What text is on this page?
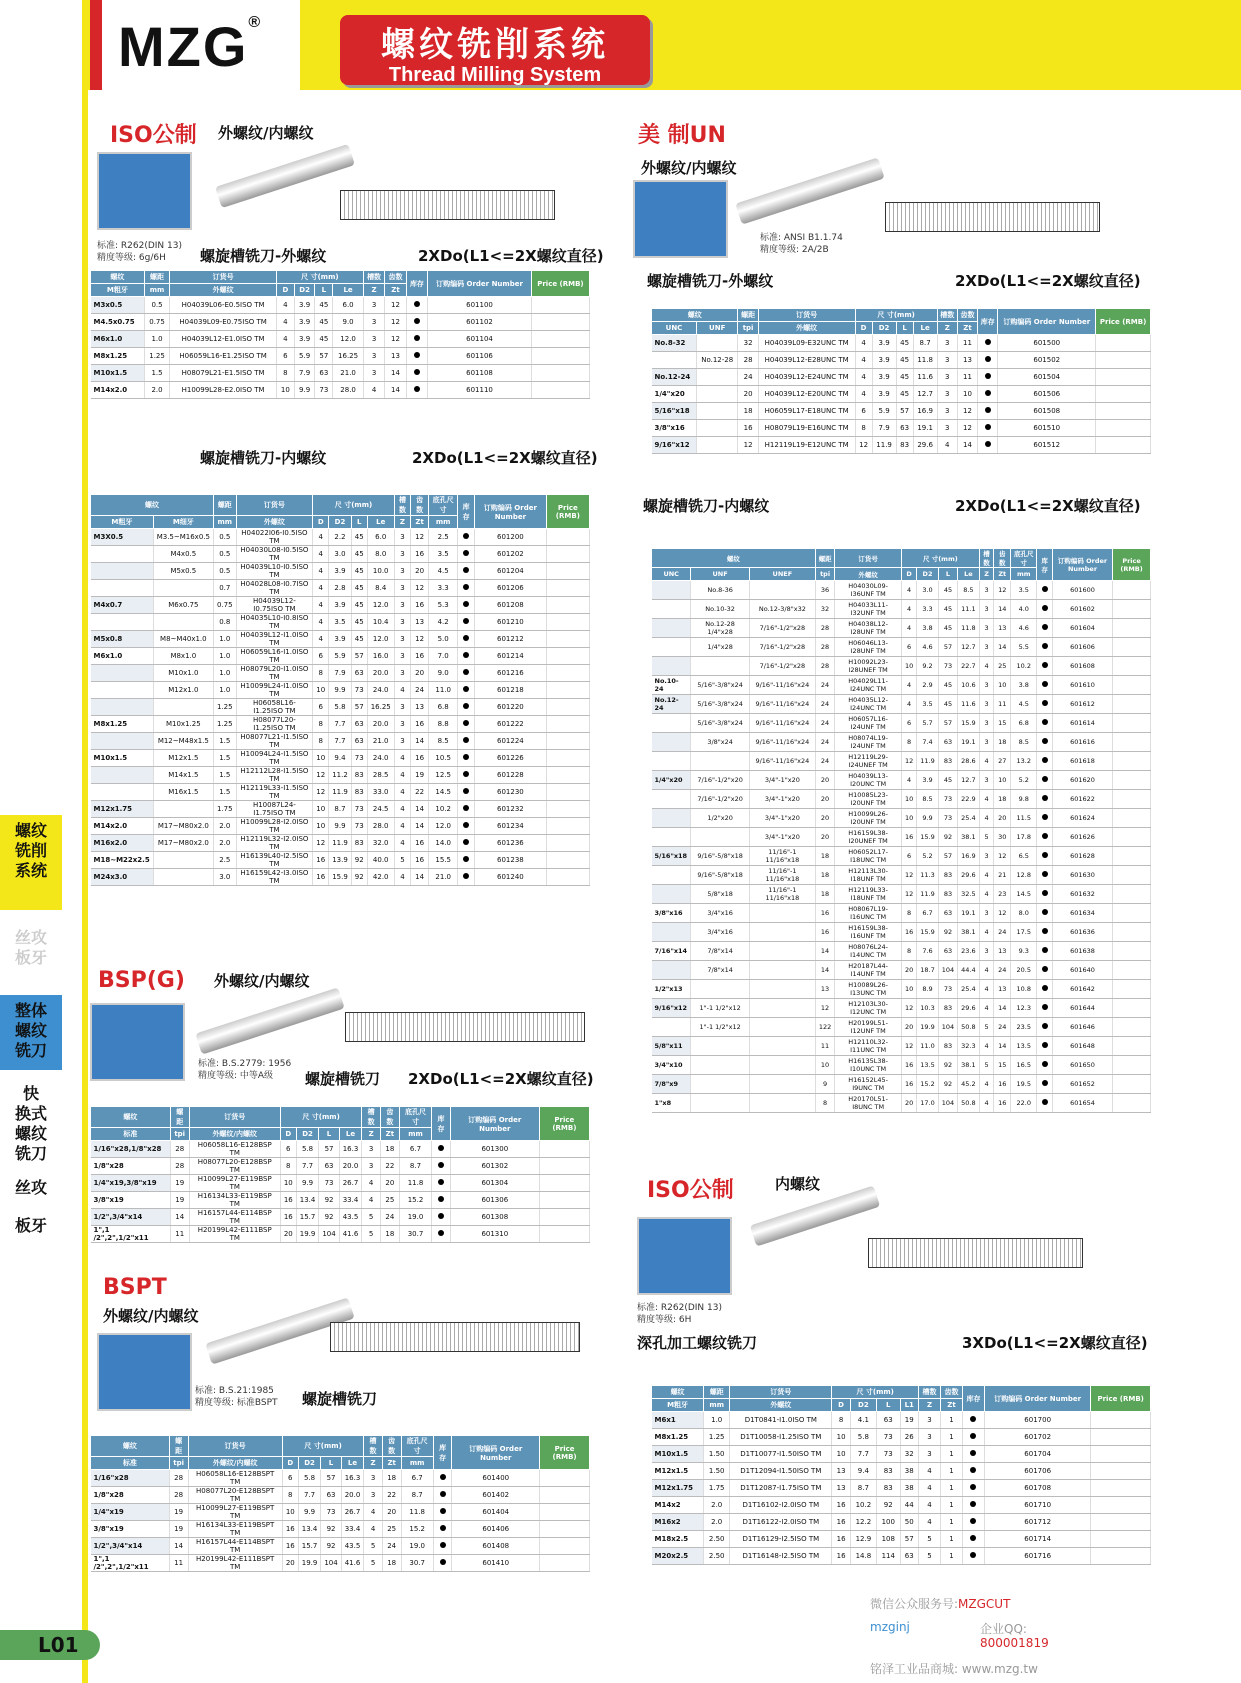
MZG®
螺纹铣削系统
Thread Milling System
螺纹
铣削
系统
丝攻
板牙
整体
螺纹
铣刀
快
换式
螺纹
铣刀
丝攻
板牙
ISO公制 外螺纹/内螺纹
标准: R262(DIN 13)
精度等级: 6g/6H	螺旋槽铣刀-外螺纹	2XDo(L1<=2X螺纹直径)
螺纹	螺距	订货号	尺 寸(mm)				槽数	齿数	库存	订购编码 Order Number	Price (RMB)
M粗牙	mm	外螺纹	D	D2	L	Le	Z	Zt			
M3x0.5	0.5	H04039L06-E0.5ISO TM	4	3.9	45	6.0	3	12		601100	
M4.5x0.75	0.75	H04039L09-E0.75ISO TM	4	3.9	45	9.0	3	12		601102	
M6x1.0	1.0	H04039L12-E1.0ISO TM	4	3.9	45	12.0	3	12		601104	
M8x1.25	1.25	H06059L16-E1.25ISO TM	6	5.9	57	16.25	3	13		601106	
M10x1.5	1.5	H08079L21-E1.5ISO TM	8	7.9	63	21.0	3	14		601108	
M14x2.0	2.0	H10099L28-E2.0ISO TM	10	9.9	73	28.0	4	14		601110	
螺旋槽铣刀-内螺纹	2XDo(L1<=2X螺纹直径)
螺纹		螺距	订货号	尺 寸(mm)				槽数	齿数	底孔尺寸	库存	订购编码 Order Number	Price (RMB)
M粗牙	M细牙	mm	外螺纹	D	D2	L	Le	Z	Zt	mm			
M3X0.5	M3.5~M16x0.5	0.5	H04022I06-I0.5ISO TM	4	2.2	45	6.0	3	12	2.5		601200	
	M4x0.5	0.5	H04030L08-I0.5ISO TM	4	3.0	45	8.0	3	16	3.5		601202	
	M5x0.5	0.5	H04039L10-I0.5ISO TM	4	3.9	45	10.0	3	20	4.5		601204	
		0.7	H04028L08-I0.7ISO TM	4	2.8	45	8.4	3	12	3.3		601206	
M4x0.7	M6x0.75	0.75	H04039L12-I0.75ISO TM	4	3.9	45	12.0	3	16	5.3		601208	
		0.8	H04035L10-I0.8ISO TM	4	3.5	45	10.4	3	13	4.2		601210	
M5x0.8	M8~M40x1.0	1.0	H04039L12-I1.0ISO TM	4	3.9	45	12.0	3	12	5.0		601212	
M6x1.0	M8x1.0	1.0	H06059L16-I1.0ISO TM	6	5.9	57	16.0	3	16	7.0		601214	
	M10x1.0	1.0	H08079L20-I1.0ISO TM	8	7.9	63	20.0	3	20	9.0		601216	
	M12x1.0	1.0	H10099L24-I1.0ISO TM	10	9.9	73	24.0	4	24	11.0		601218	
		1.25	H06058L16-I1.25ISO TM	6	5.8	57	16.25	3	13	6.8		601220	
M8x1.25	M10x1.25	1.25	H08077L20-I1.25ISO TM	8	7.7	63	20.0	3	16	8.8		601222	
	M12~M48x1.5	1.5	H08077L21-I1.5ISO TM	8	7.7	63	21.0	3	14	8.5		601224	
M10x1.5	M12x1.5	1.5	H10094L24-I1.5ISO TM	10	9.4	73	24.0	4	16	10.5		601226	
	M14x1.5	1.5	H12112L28-I1.5ISO TM	12	11.2	83	28.5	4	19	12.5		601228	
	M16x1.5	1.5	H12119L33-I1.5ISO TM	12	11.9	83	33.0	4	22	14.5		601230	
M12x1.75		1.75	H10087L24-I1.75ISO TM	10	8.7	73	24.5	4	14	10.2		601232	
M14x2.0	M17~M80x2.0	2.0	H10099L28-I2.0ISO TM	10	9.9	73	28.0	4	14	12.0		601234	
M16x2.0	M17~M80x2.0	2.0	H12119L32-I2.0ISO TM	12	11.9	83	32.0	4	16	14.0		601236	
M18~M22x2.5		2.5	H16139L40-I2.5ISO TM	16	13.9	92	40.0	5	16	15.5		601238	
M24x3.0		3.0	H16159L42-I3.0ISO TM	16	15.9	92	42.0	4	14	21.0		601240	
BSP(G) 外螺纹/内螺纹
标准: B.S.2779: 1956
精度等级: 中等A级	螺旋槽铣刀 2XDo(L1<=2X螺纹直径)
螺纹	螺距	订货号	尺 寸(mm)				槽数	齿数	底孔尺寸	库存	订购编码 Order Number	Price (RMB)
标准	tpi	外螺纹/内螺纹	D	D2	L	Le	Z	Zt	mm			
1/16"x28,1/8"x28	28	H06058L16-E128BSP TM	6	5.8	57	16.3	3	18	6.7		601300	
1/8"x28	28	H08077L20-E128BSP TM	8	7.7	63	20.0	3	22	8.7		601302	
1/4"x19,3/8"x19	19	H10099L27-E119BSP TM	10	9.9	73	26.7	4	20	11.8		601304	
3/8"x19	19	H16134L33-E119BSP TM	16	13.4	92	33.4	4	25	15.2		601306	
1/2",3/4"x14	14	H16157L44-E114BSP TM	16	15.7	92	43.5	5	24	19.0		601308	
1",1 /2",2",1/2"x11	11	H20199L42-E111BSP TM	20	19.9	104	41.6	5	18	30.7		601310	
BSPT
外螺纹/内螺纹
标准: B.S.21:1985
精度等级: 标准BSPT 螺旋槽铣刀
螺纹	螺距	订货号	尺 寸(mm)				槽数	齿数	底孔尺寸	库存	订购编码 Order Number	Price (RMB)
标准	tpi	外螺纹/内螺纹	D	D2	L	Le	Z	Zt	mm			
1/16"x28	28	H06058L16-E128BSPT TM	6	5.8	57	16.3	3	18	6.7		601400	
1/8"x28	28	H08077L20-E128BSPT TM	8	7.7	63	20.0	3	22	8.7		601402	
1/4"x19	19	H10099L27-E119BSPT TM	10	9.9	73	26.7	4	20	11.8		601404	
3/8"x19	19	H16134L33-E119BSPT TM	16	13.4	92	33.4	4	25	15.2		601406	
1/2",3/4"x14	14	H16157L44-E114BSPT TM	16	15.7	92	43.5	5	24	19.0		601408	
1",1 /2",2",1/2"x11	11	H20199L42-E111BSPT TM	20	19.9	104	41.6	5	18	30.7		601410	
美 制UN
外螺纹/内螺纹
标准: ANSI B1.1.74
精度等级: 2A/2B
螺旋槽铣刀-外螺纹	2XDo(L1<=2X螺纹直径)
螺纹		螺距	订货号	尺 寸(mm)				槽数	齿数	库存	订购编码 Order Number	Price (RMB)
UNC	UNF	tpi	外螺纹	D	D2	L	Le	Z	Zt			
No.8-32		32	H04039L09-E32UNC TM	4	3.9	45	8.7	3	11		601500	
	No.12-28	28	H04039L12-E28UNC TM	4	3.9	45	11.8	3	13		601502	
No.12-24		24	H04039L12-E24UNC TM	4	3.9	45	11.6	3	11		601504	
1/4"x20		20	H04039L12-E20UNC TM	4	3.9	45	12.7	3	10		601506	
5/16"x18		18	H06059L17-E18UNC TM	6	5.9	57	16.9	3	12		601508	
3/8"x16		16	H08079L19-E16UNC TM	8	7.9	63	19.1	3	12		601510	
9/16"x12		12	H12119L19-E12UNC TM	12	11.9	83	29.6	4	14		601512	
螺旋槽铣刀-内螺纹	2XDo(L1<=2X螺纹直径)
螺纹			螺距	订货号	尺 寸(mm)				槽数	齿数	底孔尺寸	库存	订购编码 Order Number	Price (RMB)
UNC	UNF	UNEF	tpi	外螺纹	D	D2	L	Le	Z	Zt	mm			
	No.8-36		36	H04030L09-I36UNF TM	4	3.0	45	8.5	3	12	3.5		601600	
	No.10-32	No.12-3/8"x32	32	H04033L11-I32UNF TM	4	3.3	45	11.1	3	14	4.0		601602	
	No.12-28 1/4"x28	7/16"-1/2"x28	28	H04038L12-I28UNF TM	4	3.8	45	11.8	3	13	4.6		601604	
	1/4"x28	7/16"-1/2"x28	28	H06046L13-I28UNF TM	6	4.6	57	12.7	3	14	5.5		601606	
		7/16"-1/2"x28	28	H10092L23-I28UNEF TM	10	9.2	73	22.7	4	25	10.2		601608	
No.10-24	5/16"-3/8"x24	9/16"-11/16"x24	24	H04029L11-I24UNC TM	4	2.9	45	10.6	3	10	3.8		601610	
No.12-24	5/16"-3/8"x24	9/16"-11/16"x24	24	H04035L12-I24UNC TM	4	3.5	45	11.6	3	11	4.5		601612	
	5/16"-3/8"x24	9/16"-11/16"x24	24	H06057L16-I24UNF TM	6	5.7	57	15.9	3	15	6.8		601614	
	3/8"x24	9/16"-11/16"x24	24	H08074L19-I24UNF TM	8	7.4	63	19.1	3	18	8.5		601616	
		9/16"-11/16"x24	24	H12119L29-I24UNEF TM	12	11.9	83	28.6	4	27	13.2		601618	
1/4"x20	7/16"-1/2"x20	3/4"-1"x20	20	H04039L13-I20UNC TM	4	3.9	45	12.7	3	10	5.2		601620	
	7/16"-1/2"x20	3/4"-1"x20	20	H10085L23-I20UNF TM	10	8.5	73	22.9	4	18	9.8		601622	
	1/2"x20	3/4"-1"x20	20	H10099L26-I20UNF TM	10	9.9	73	25.4	4	20	11.5		601624	
		3/4"-1"x20	20	H16159L38-I20UNEF TM	16	15.9	92	38.1	5	30	17.8		601626	
5/16"x18	9/16"-5/8"x18	11/16"-1 11/16"x18	18	H06052L17-I18UNC TM	6	5.2	57	16.9	3	12	6.5		601628	
	9/16"-5/8"x18	11/16"-1 11/16"x18	18	H12113L30-I18UNF TM	12	11.3	83	29.6	4	21	12.8		601630	
	5/8"x18	11/16"-1 11/16"x18	18	H12119L33-I18UNF TM	12	11.9	83	32.5	4	23	14.5		601632	
3/8"x16	3/4"x16		16	H08067L19-I16UNC TM	8	6.7	63	19.1	3	12	8.0		601634	
	3/4"x16		16	H16159L38-I16UNF TM	16	15.9	92	38.1	4	24	17.5		601636	
7/16"x14	7/8"x14		14	H08076L24-I14UNC TM	8	7.6	63	23.6	3	13	9.3		601638	
	7/8"x14		14	H20187L44-I14UNF TM	20	18.7	104	44.4	4	24	20.5		601640	
1/2"x13			13	H10089L26-I13UNC TM	10	8.9	73	25.4	4	13	10.8		601642	
9/16"x12	1"-1 1/2"x12		12	H12103L30-I12UNC TM	12	10.3	83	29.6	4	14	12.3		601644	
	1"-1 1/2"x12		122	H20199L51-I12UNF TM	20	19.9	104	50.8	5	24	23.5		601646	
5/8"x11			11	H12110L32-I11UNC TM	12	11.0	83	32.3	4	14	13.5		601648	
3/4"x10			10	H16135L38-I10UNC TM	16	13.5	92	38.1	5	15	16.5		601650	
7/8"x9			9	H16152L45-I9UNC TM	16	15.2	92	45.2	4	16	19.5		601652	
1"x8			8	H20170L51-I8UNC TM	20	17.0	104	50.8	4	16	22.0		601654	
ISO公制	内螺纹
标准: R262(DIN 13)
精度等级: 6H
深孔加工螺纹铣刀	3XDo(L1<=2X螺纹直径)
螺纹	螺距	订货号	尺 寸(mm)				槽数	齿数	库存	订购编码 Order Number	Price (RMB)
M粗牙	mm	外螺纹	D	D2	L	L1	Z	Zt			
M6x1	1.0	D1T0841-I1.0ISO TM	8	4.1	63	19	3	1		601700	
M8x1.25	1.25	D1T10058-I1.25ISO TM	10	5.8	73	26	3	1		601702	
M10x1.5	1.50	D1T10077-I1.50ISO TM	10	7.7	73	32	3	1		601704	
M12x1.5	1.50	D1T12094-I1.50ISO TM	13	9.4	83	38	4	1		601706	
M12x1.75	1.75	D1T12087-I1.75ISO TM	13	8.7	83	38	4	1		601708	
M14x2	2.0	D1T16102-I2.0ISO TM	16	10.2	92	44	4	1		601710	
M16x2	2.0	D1T16122-I2.0ISO TM	16	12.2	100	50	4	1		601712	
M18x2.5	2.50	D1T16129-I2.5ISO TM	16	12.9	108	57	5	1		601714	
M20x2.5	2.50	D1T16148-I2.5ISO TM	16	14.8	114	63	5	1		601716	
L01
微信公众服务号:MZGCUT
mzginj	企业QQ:
800001819
铭泽工业品商城: www.mzg.tw
